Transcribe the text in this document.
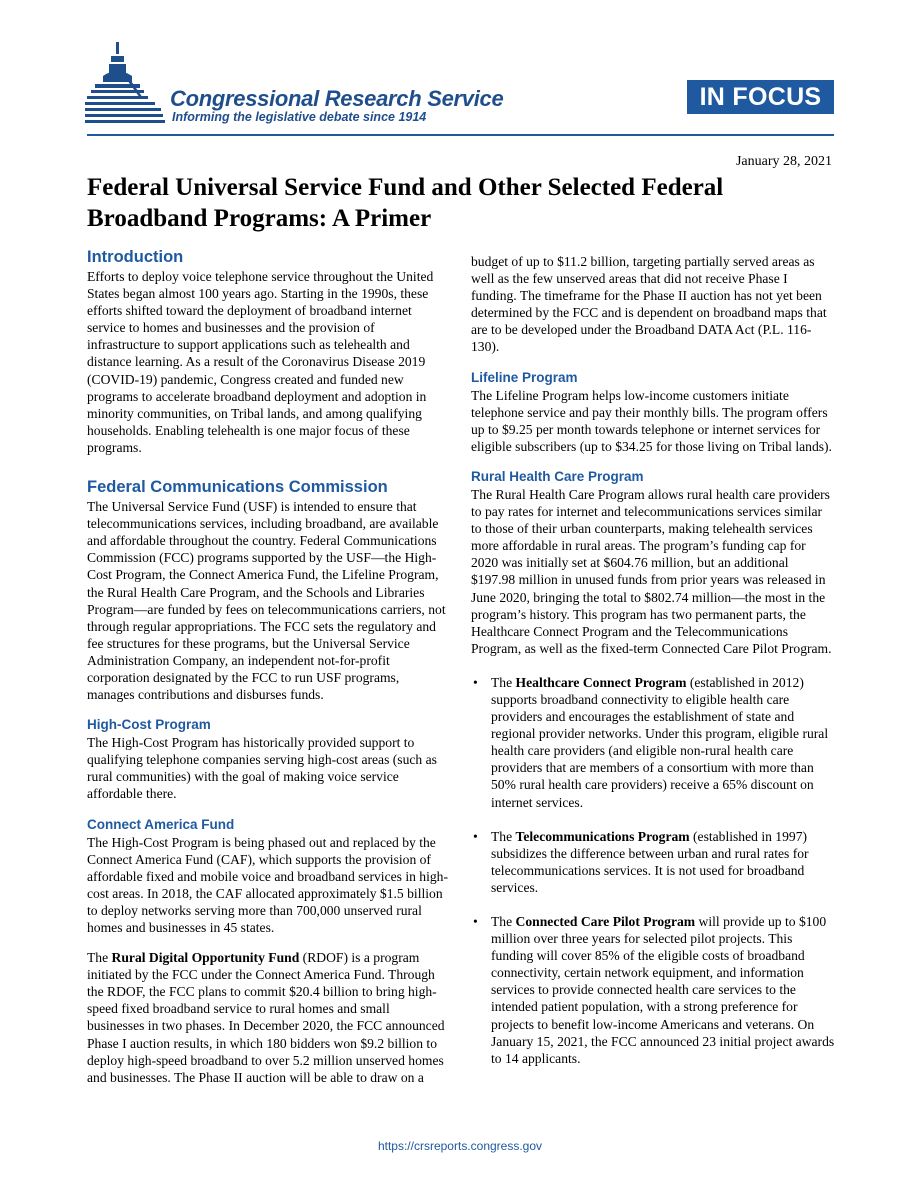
Congressional Research Service
Informing the legislative debate since 1914
IN FOCUS
January 28, 2021
Federal Universal Service Fund and Other Selected Federal Broadband Programs: A Primer
Introduction

Efforts to deploy voice telephone service throughout the United States began almost 100 years ago. Starting in the 1990s, these efforts shifted toward the deployment of broadband internet service to homes and businesses and the provision of infrastructure to support applications such as telehealth and distance learning. As a result of the Coronavirus Disease 2019 (COVID-19) pandemic, Congress created and funded new programs to accelerate broadband deployment and adoption in minority communities, on Tribal lands, and among qualifying households. Enabling telehealth is one major focus of these programs.

Federal Communications Commission

The Universal Service Fund (USF) is intended to ensure that telecommunications services, including broadband, are available and affordable throughout the country. Federal Communications Commission (FCC) programs supported by the USF—the High-Cost Program, the Connect America Fund, the Lifeline Program, the Rural Health Care Program, and the Schools and Libraries Program—are funded by fees on telecommunications carriers, not through regular appropriations. The FCC sets the regulatory and fee structures for these programs, but the Universal Service Administration Company, an independent not-for-profit corporation designated by the FCC to run USF programs, manages contributions and disburses funds.

High-Cost Program

The High-Cost Program has historically provided support to qualifying telephone companies serving high-cost areas (such as rural communities) with the goal of making voice service affordable there.

Connect America Fund

The High-Cost Program is being phased out and replaced by the Connect America Fund (CAF), which supports the provision of affordable fixed and mobile voice and broadband services in high-cost areas. In 2018, the CAF allocated approximately $1.5 billion to deploy networks serving more than 700,000 unserved rural homes and businesses in 45 states.

The Rural Digital Opportunity Fund (RDOF) is a program initiated by the FCC under the Connect America Fund. Through the RDOF, the FCC plans to commit $20.4 billion to bring high-speed fixed broadband service to rural homes and small businesses in two phases. In December 2020, the FCC announced Phase I auction results, in which 180 bidders won $9.2 billion to deploy high-speed broadband to over 5.2 million unserved homes and businesses. The Phase II auction will be able to draw on a

budget of up to $11.2 billion, targeting partially served areas as well as the few unserved areas that did not receive Phase I funding. The timeframe for the Phase II auction has not yet been determined by the FCC and is dependent on broadband maps that are to be developed under the Broadband DATA Act (P.L. 116-130).

Lifeline Program

The Lifeline Program helps low-income customers initiate telephone service and pay their monthly bills. The program offers up to $9.25 per month towards telephone or internet services for eligible subscribers (up to $34.25 for those living on Tribal lands).

Rural Health Care Program

The Rural Health Care Program allows rural health care providers to pay rates for internet and telecommunications services similar to those of their urban counterparts, making telehealth services more affordable in rural areas. The program’s funding cap for 2020 was initially set at $604.76 million, but an additional $197.98 million in unused funds from prior years was released in June 2020, bringing the total to $802.74 million—the most in the program’s history. This program has two permanent parts, the Healthcare Connect Program and the Telecommunications Program, as well as the fixed-term Connected Care Pilot Program.

• The Healthcare Connect Program (established in 2012) supports broadband connectivity to eligible health care providers and encourages the establishment of state and regional provider networks. Under this program, eligible rural health care providers (and eligible non-rural health care providers that are members of a consortium with more than 50% rural health care providers) receive a 65% discount on internet services.
• The Telecommunications Program (established in 1997) subsidizes the difference between urban and rural rates for telecommunications services. It is not used for broadband services.
• The Connected Care Pilot Program will provide up to $100 million over three years for selected pilot projects. This funding will cover 85% of the eligible costs of broadband connectivity, certain network equipment, and information services to provide connected health care services to the intended patient population, with a strong preference for projects to benefit low-income Americans and veterans. On January 15, 2021, the FCC announced 23 initial project awards to 14 applicants.
https://crsreports.congress.gov
